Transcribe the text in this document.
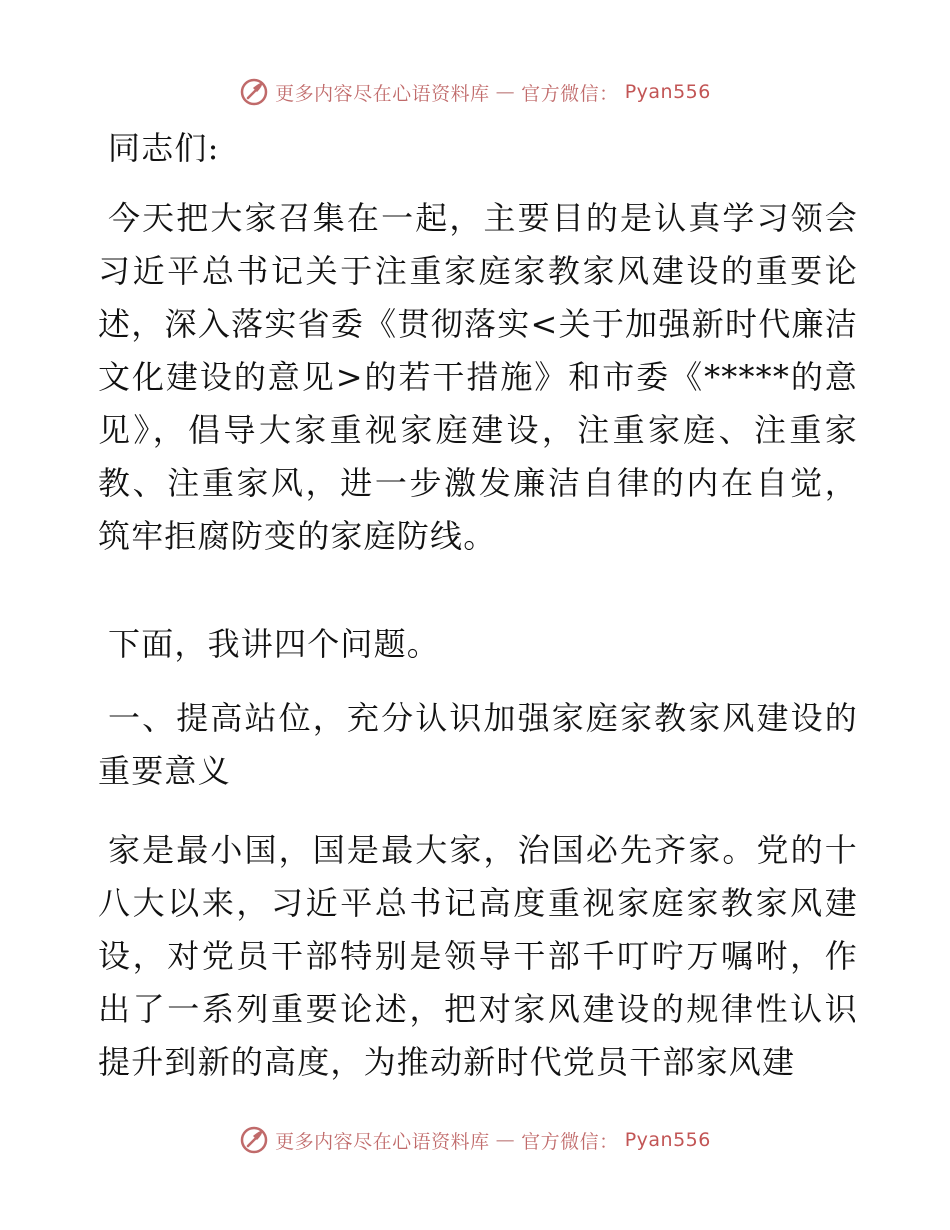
更多内容尽在心语资料库 — 官方微信： Pyan556

同志们:

今天把大家召集在一起，主要目的是认真学习领会习近平总书记关于注重家庭家教家风建设的重要论述，深入落实省委《贯彻落实<关于加强新时代廉洁文化建设的意见>的若干措施》和市委《*****的意见》，倡导大家重视家庭建设，注重家庭、注重家教、注重家风，进一步激发廉洁自律的内在自觉，筑牢拒腐防变的家庭防线。

下面，我讲四个问题。

一、提高站位，充分认识加强家庭家教家风建设的重要意义

家是最小国，国是最大家，治国必先齐家。党的十八大以来，习近平总书记高度重视家庭家教家风建设，对党员干部特别是领导干部千叮咛万嘱咐，作出了一系列重要论述，把对家风建设的规律性认识提升到新的高度，为推动新时代党员干部家风建

更多内容尽在心语资料库 — 官方微信： Pyan556
